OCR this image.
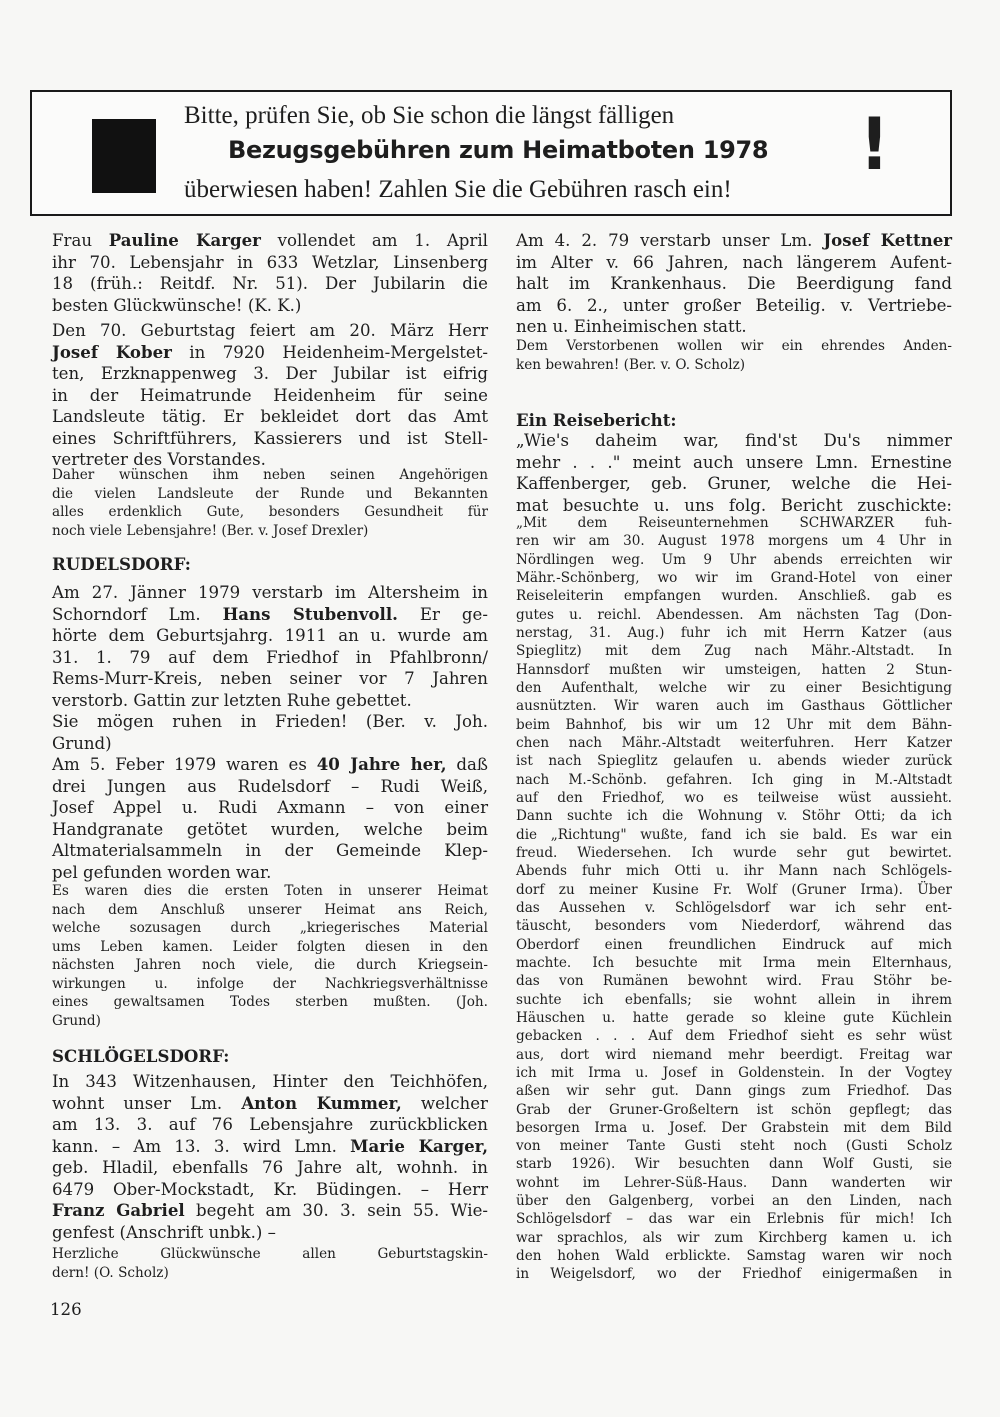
Bitte, prüfen Sie, ob Sie schon die längst fälligen
Bezugsgebühren zum Heimatboten 1978
überwiesen haben! Zahlen Sie die Gebühren rasch ein!
!
Frau Pauline Karger vollendet am 1. April
ihr 70. Lebensjahr in 633 Wetzlar, Linsenberg
18 (früh.: Reitdf. Nr. 51). Der Jubilarin die
besten Glückwünsche! (K. K.)
Den 70. Geburtstag feiert am 20. März Herr
Josef Kober in 7920 Heidenheim-Mergelstet-
ten, Erzknappenweg 3. Der Jubilar ist eifrig
in der Heimatrunde Heidenheim für seine
Landsleute tätig. Er bekleidet dort das Amt
eines Schriftführers, Kassierers und ist Stell-
vertreter des Vorstandes.
Daher wünschen ihm neben seinen Angehörigen
die vielen Landsleute der Runde und Bekannten
alles erdenklich Gute, besonders Gesundheit für
noch viele Lebensjahre! (Ber. v. Josef Drexler)
RUDELSDORF:
Am 27. Jänner 1979 verstarb im Altersheim in
Schorndorf Lm. Hans Stubenvoll. Er ge-
hörte dem Geburtsjahrg. 1911 an u. wurde am
31. 1. 79 auf dem Friedhof in Pfahlbronn/
Rems-Murr-Kreis, neben seiner vor 7 Jahren
verstorb. Gattin zur letzten Ruhe gebettet.
Sie mögen ruhen in Frieden! (Ber. v. Joh.
Grund)
Am 5. Feber 1979 waren es 40 Jahre her, daß
drei Jungen aus Rudelsdorf – Rudi Weiß,
Josef Appel u. Rudi Axmann – von einer
Handgranate getötet wurden, welche beim
Altmaterialsammeln in der Gemeinde Klep-
pel gefunden worden war.
Es waren dies die ersten Toten in unserer Heimat
nach dem Anschluß unserer Heimat ans Reich,
welche sozusagen durch „kriegerisches Material
ums Leben kamen. Leider folgten diesen in den
nächsten Jahren noch viele, die durch Kriegsein-
wirkungen u. infolge der Nachkriegsverhältnisse
eines gewaltsamen Todes sterben mußten. (Joh.
Grund)
SCHLÖGELSDORF:
In 343 Witzenhausen, Hinter den Teichhöfen,
wohnt unser Lm. Anton Kummer, welcher
am 13. 3. auf 76 Lebensjahre zurückblicken
kann. – Am 13. 3. wird Lmn. Marie Karger,
geb. Hladil, ebenfalls 76 Jahre alt, wohnh. in
6479 Ober-Mockstadt, Kr. Büdingen. – Herr
Franz Gabriel begeht am 30. 3. sein 55. Wie-
genfest (Anschrift unbk.) –
Herzliche Glückwünsche allen Geburtstagskin-
dern! (O. Scholz)
Am 4. 2. 79 verstarb unser Lm. Josef Kettner
im Alter v. 66 Jahren, nach längerem Aufent-
halt im Krankenhaus. Die Beerdigung fand
am 6. 2., unter großer Beteilig. v. Vertriebe-
nen u. Einheimischen statt.
Dem Verstorbenen wollen wir ein ehrendes Anden-
ken bewahren! (Ber. v. O. Scholz)
Ein Reisebericht:
„Wie's daheim war, find'st Du's nimmer
mehr . . ." meint auch unsere Lmn. Ernestine
Kaffenberger, geb. Gruner, welche die Hei-
mat besuchte u. uns folg. Bericht zuschickte:
„Mit dem Reiseunternehmen SCHWARZER fuh-
ren wir am 30. August 1978 morgens um 4 Uhr in
Nördlingen weg. Um 9 Uhr abends erreichten wir
Mähr.-Schönberg, wo wir im Grand-Hotel von einer
Reiseleiterin empfangen wurden. Anschließ. gab es
gutes u. reichl. Abendessen. Am nächsten Tag (Don-
nerstag, 31. Aug.) fuhr ich mit Herrn Katzer (aus
Spieglitz) mit dem Zug nach Mähr.-Altstadt. In
Hannsdorf mußten wir umsteigen, hatten 2 Stun-
den Aufenthalt, welche wir zu einer Besichtigung
ausnützten. Wir waren auch im Gasthaus Göttlicher
beim Bahnhof, bis wir um 12 Uhr mit dem Bähn-
chen nach Mähr.-Altstadt weiterfuhren. Herr Katzer
ist nach Spieglitz gelaufen u. abends wieder zurück
nach M.-Schönb. gefahren. Ich ging in M.-Altstadt
auf den Friedhof, wo es teilweise wüst aussieht.
Dann suchte ich die Wohnung v. Stöhr Otti; da ich
die „Richtung" wußte, fand ich sie bald. Es war ein
freud. Wiedersehen. Ich wurde sehr gut bewirtet.
Abends fuhr mich Otti u. ihr Mann nach Schlögels-
dorf zu meiner Kusine Fr. Wolf (Gruner Irma). Über
das Aussehen v. Schlögelsdorf war ich sehr ent-
täuscht, besonders vom Niederdorf, während das
Oberdorf einen freundlichen Eindruck auf mich
machte. Ich besuchte mit Irma mein Elternhaus,
das von Rumänen bewohnt wird. Frau Stöhr be-
suchte ich ebenfalls; sie wohnt allein in ihrem
Häuschen u. hatte gerade so kleine gute Küchlein
gebacken . . . Auf dem Friedhof sieht es sehr wüst
aus, dort wird niemand mehr beerdigt. Freitag war
ich mit Irma u. Josef in Goldenstein. In der Vogtey
aßen wir sehr gut. Dann gings zum Friedhof. Das
Grab der Gruner-Großeltern ist schön gepflegt; das
besorgen Irma u. Josef. Der Grabstein mit dem Bild
von meiner Tante Gusti steht noch (Gusti Scholz
starb 1926). Wir besuchten dann Wolf Gusti, sie
wohnt im Lehrer-Süß-Haus. Dann wanderten wir
über den Galgenberg, vorbei an den Linden, nach
Schlögelsdorf – das war ein Erlebnis für mich! Ich
war sprachlos, als wir zum Kirchberg kamen u. ich
den hohen Wald erblickte. Samstag waren wir noch
in Weigelsdorf, wo der Friedhof einigermaßen in
126
